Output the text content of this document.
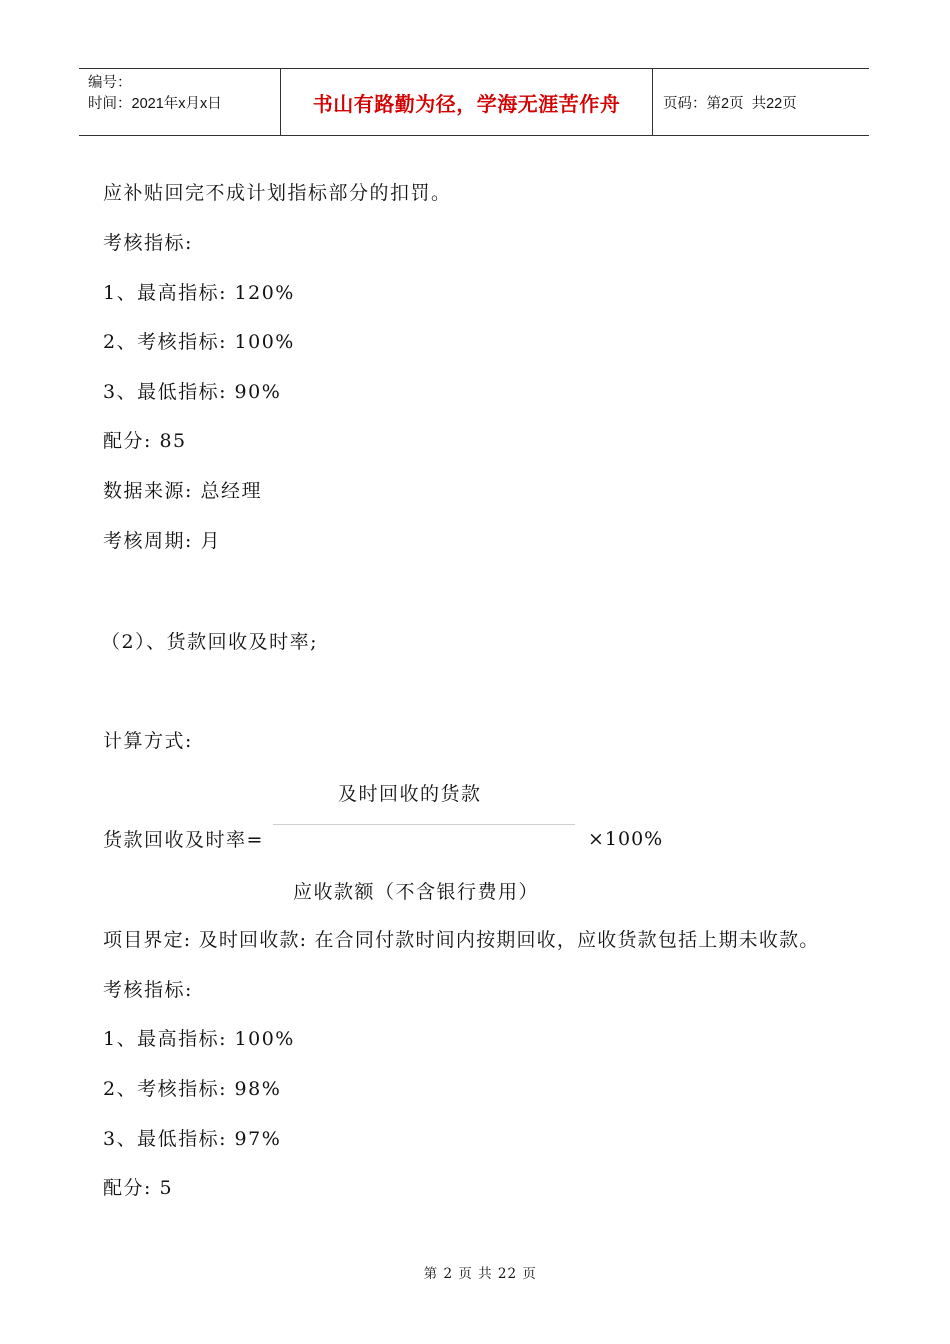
编号：
时间：2021年x月x日	书山有路勤为径，学海无涯苦作舟	页码：第2页  共22页
应补贴回完不成计划指标部分的扣罚。
考核指标:
1、最高指标: 120%
2、考核指标: 100%
3、最低指标: 90%
配分: 85
数据来源: 总经理
考核周期: 月
（2）、货款回收及时率;
计算方式:
及时回收的货款
货款回收及时率=	×100%
应收款额（不含银行费用）
项目界定: 及时回收款: 在合同付款时间内按期回收，应收货款包括上期未收款。
考核指标:
1、最高指标: 100%
2、考核指标: 98%
3、最低指标: 97%
配分: 5

第 2 页 共 22 页
